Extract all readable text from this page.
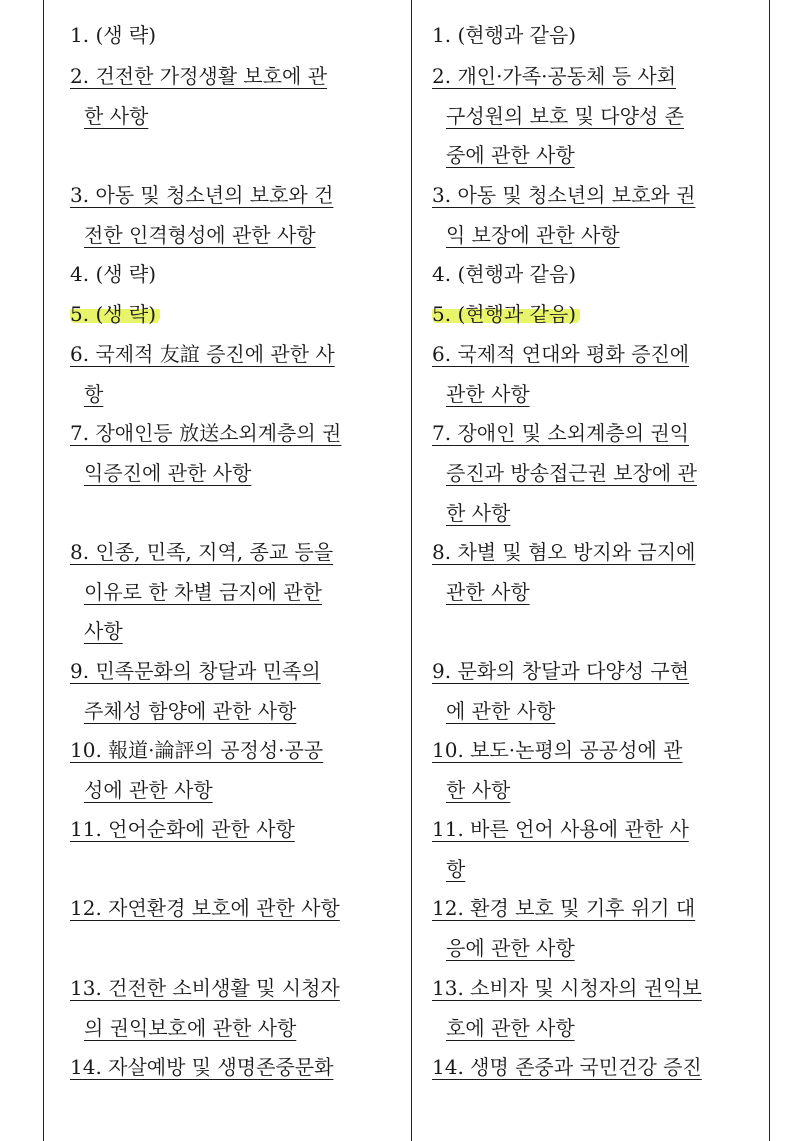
1. (생 략)
2. 건전한 가정생활 보호에 관
한 사항
3. 아동 및 청소년의 보호와 건
전한 인격형성에 관한 사항
4. (생 략)
5. (생 략)
6. 국제적 友誼 증진에 관한 사
항
7. 장애인등 放送소외계층의 권
익증진에 관한 사항
8. 인종, 민족, 지역, 종교 등을
이유로 한 차별 금지에 관한
사항
9. 민족문화의 창달과 민족의
주체성 함양에 관한 사항
10. 報道·論評의 공정성·공공
성에 관한 사항
11. 언어순화에 관한 사항
12. 자연환경 보호에 관한 사항
13. 건전한 소비생활 및 시청자
의 권익보호에 관한 사항
14. 자살예방 및 생명존중문화
1. (현행과 같음)
2. 개인·가족·공동체 등 사회
구성원의 보호 및 다양성 존
중에 관한 사항
3. 아동 및 청소년의 보호와 권
익 보장에 관한 사항
4. (현행과 같음)
5. (현행과 같음)
6. 국제적 연대와 평화 증진에
관한 사항
7. 장애인 및 소외계층의 권익
증진과 방송접근권 보장에 관
한 사항
8. 차별 및 혐오 방지와 금지에
관한 사항
9. 문화의 창달과 다양성 구현
에 관한 사항
10. 보도·논평의 공공성에 관
한 사항
11. 바른 언어 사용에 관한 사
항
12. 환경 보호 및 기후 위기 대
응에 관한 사항
13. 소비자 및 시청자의 권익보
호에 관한 사항
14. 생명 존중과 국민건강 증진
